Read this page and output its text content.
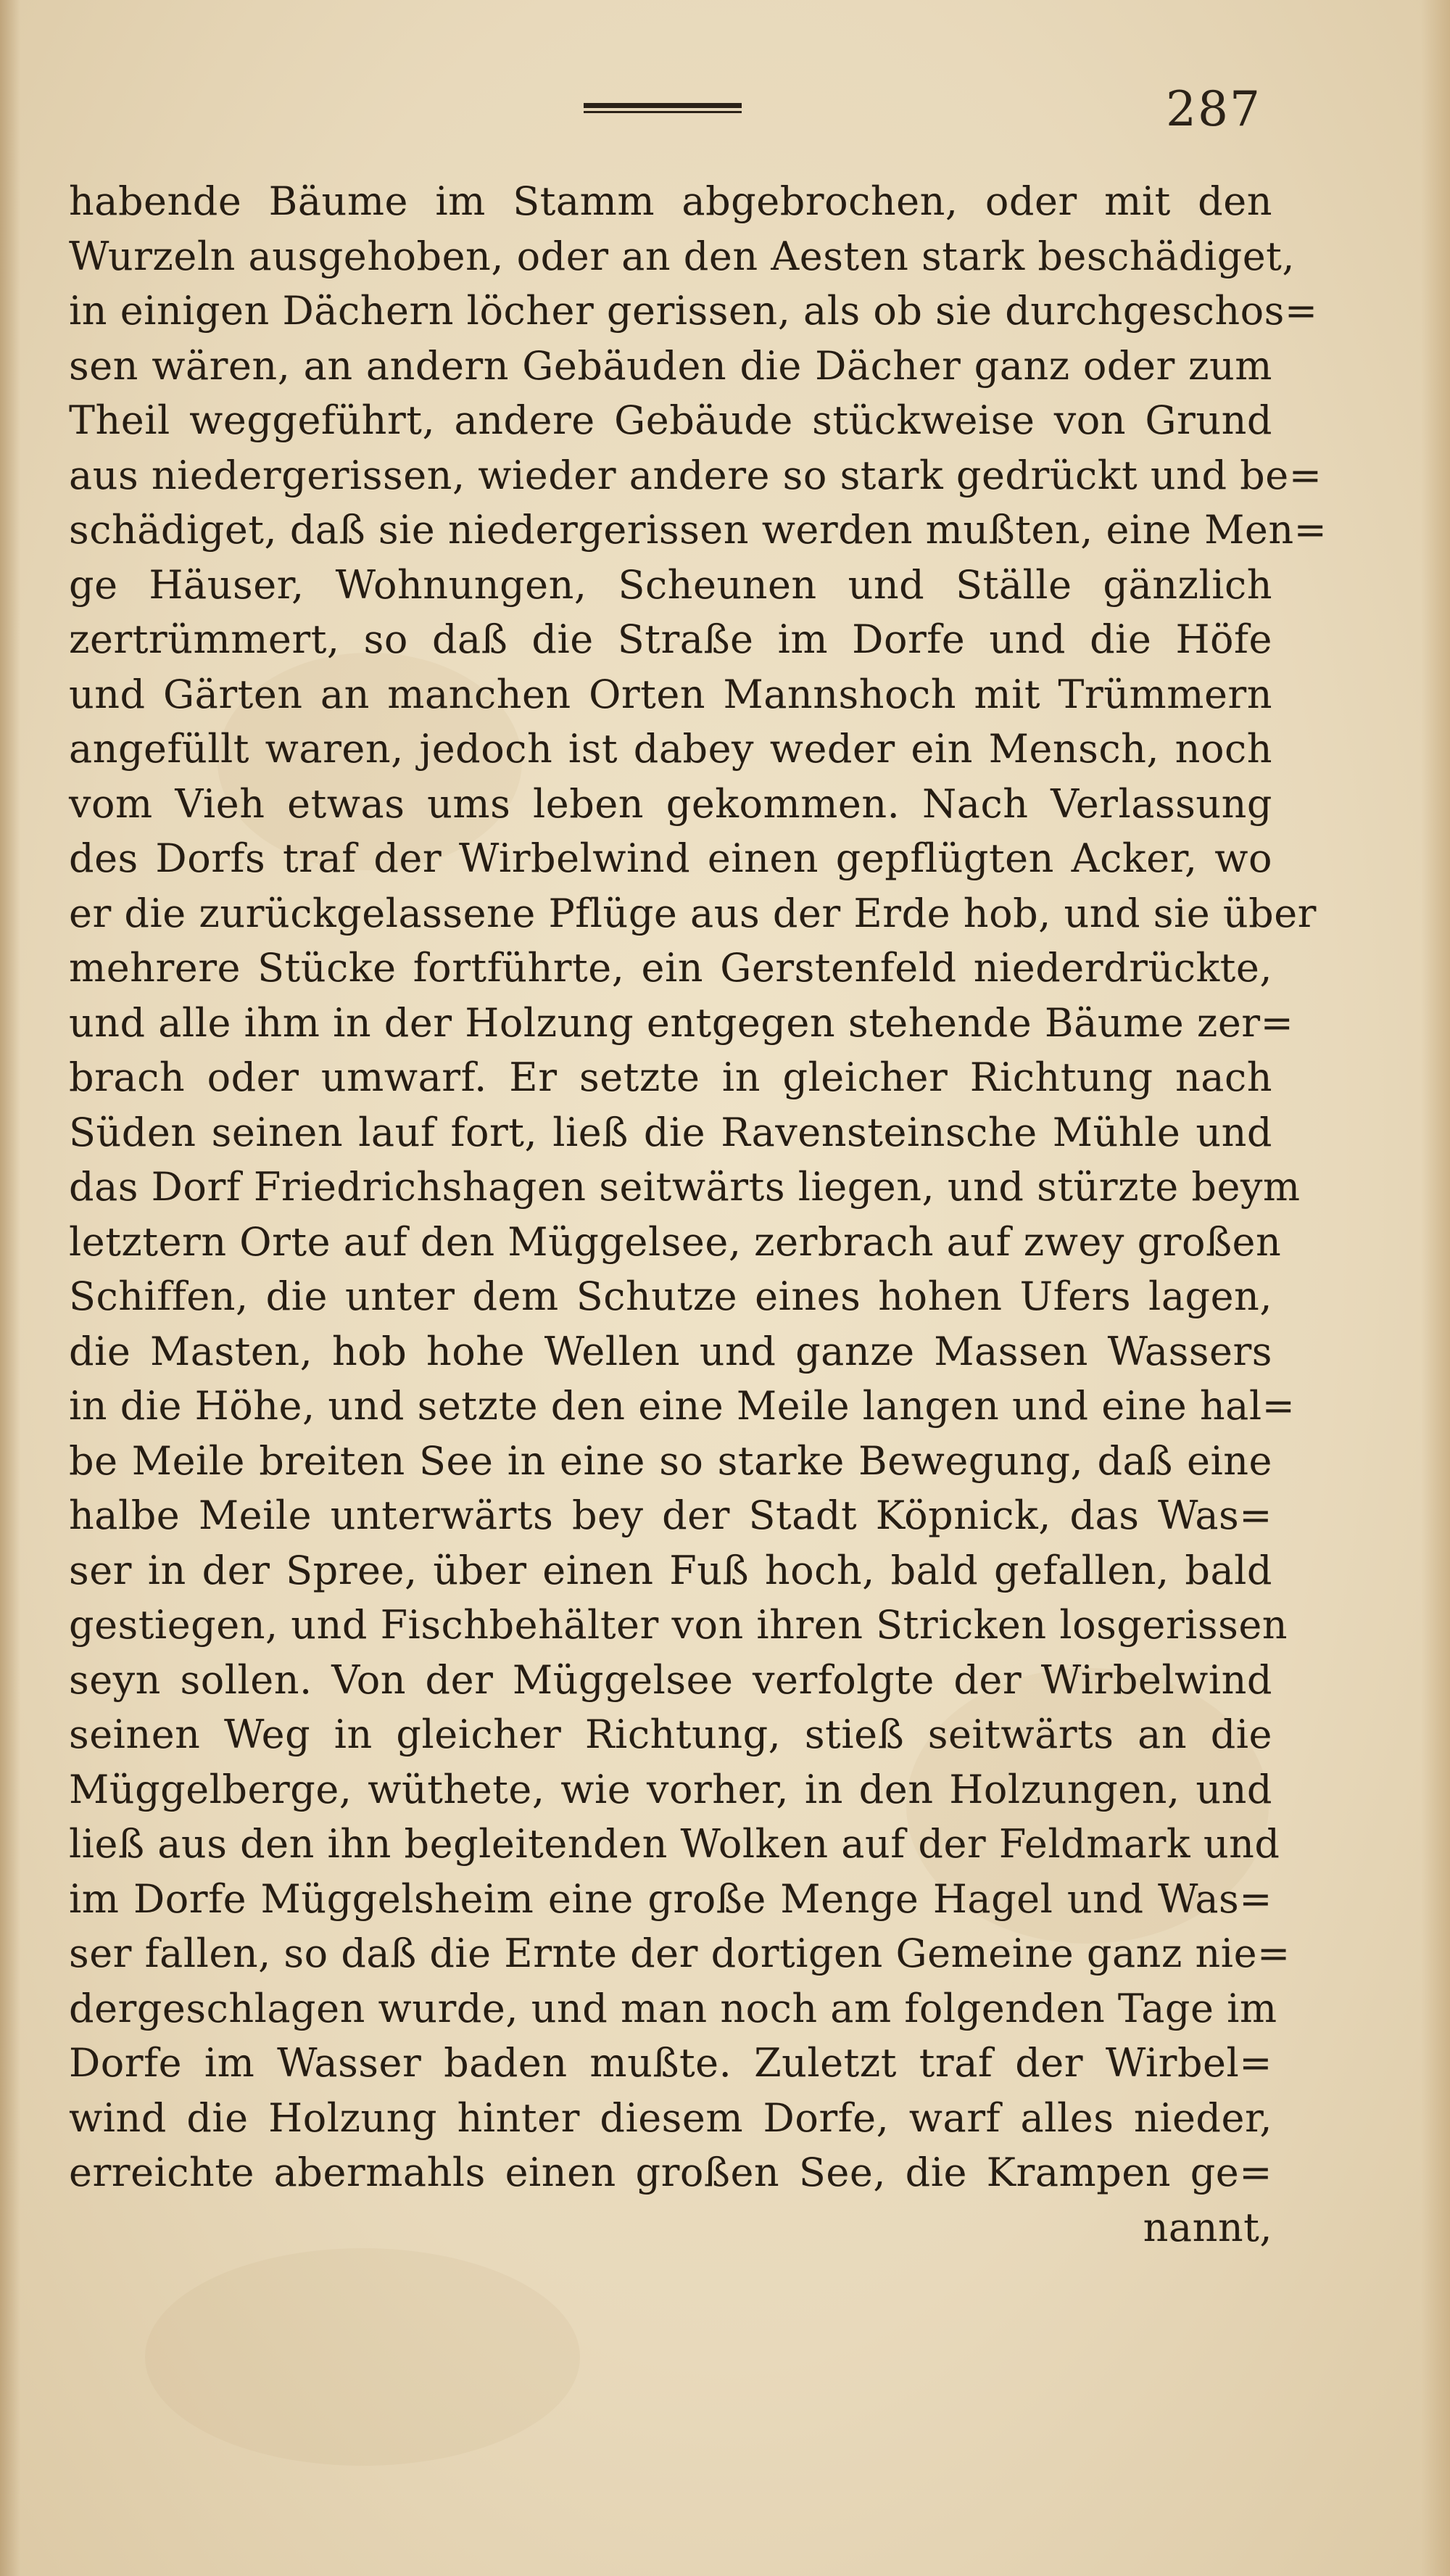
287
habende Bäume im Stamm abgebrochen, oder mit den
Wurzeln ausgehoben, oder an den Aesten stark beschädiget,
in einigen Dächern löcher gerissen, als ob sie durchgeschos=
sen wären, an andern Gebäuden die Dächer ganz oder zum
Theil weggeführt, andere Gebäude stückweise von Grund
aus niedergerissen, wieder andere so stark gedrückt und be=
schädiget, daß sie niedergerissen werden mußten, eine Men=
ge Häuser, Wohnungen, Scheunen und Ställe gänzlich
zertrümmert, so daß die Straße im Dorfe und die Höfe
und Gärten an manchen Orten Mannshoch mit Trümmern
angefüllt waren, jedoch ist dabey weder ein Mensch, noch
vom Vieh etwas ums leben gekommen. Nach Verlassung
des Dorfs traf der Wirbelwind einen gepflügten Acker, wo
er die zurückgelassene Pflüge aus der Erde hob, und sie über
mehrere Stücke fortführte, ein Gerstenfeld niederdrückte,
und alle ihm in der Holzung entgegen stehende Bäume zer=
brach oder umwarf. Er setzte in gleicher Richtung nach
Süden seinen lauf fort, ließ die Ravensteinsche Mühle und
das Dorf Friedrichshagen seitwärts liegen, und stürzte beym
letztern Orte auf den Müggelsee, zerbrach auf zwey großen
Schiffen, die unter dem Schutze eines hohen Ufers lagen,
die Masten, hob hohe Wellen und ganze Massen Wassers
in die Höhe, und setzte den eine Meile langen und eine hal=
be Meile breiten See in eine so starke Bewegung, daß eine
halbe Meile unterwärts bey der Stadt Köpnick, das Was=
ser in der Spree, über einen Fuß hoch, bald gefallen, bald
gestiegen, und Fischbehälter von ihren Stricken losgerissen
seyn sollen. Von der Müggelsee verfolgte der Wirbelwind
seinen Weg in gleicher Richtung, stieß seitwärts an die
Müggelberge, wüthete, wie vorher, in den Holzungen, und
ließ aus den ihn begleitenden Wolken auf der Feldmark und
im Dorfe Müggelsheim eine große Menge Hagel und Was=
ser fallen, so daß die Ernte der dortigen Gemeine ganz nie=
dergeschlagen wurde, und man noch am folgenden Tage im
Dorfe im Wasser baden mußte. Zuletzt traf der Wirbel=
wind die Holzung hinter diesem Dorfe, warf alles nieder,
erreichte abermahls einen großen See, die Krampen ge=
nannt,
